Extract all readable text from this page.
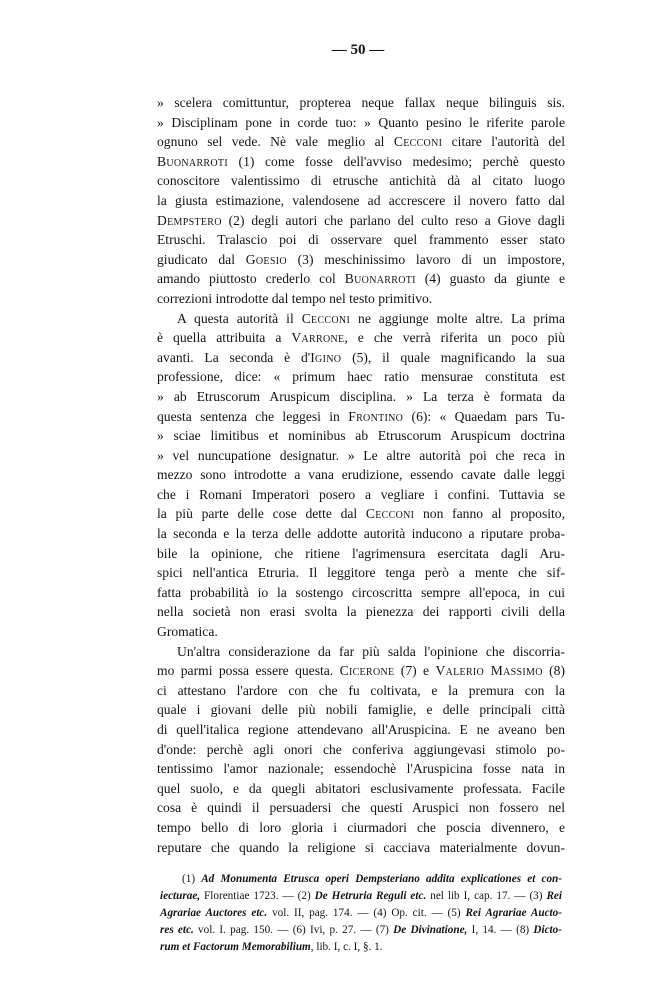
— 50 —
» scelera comittuntur, propterea neque fallax neque bilinguis sis.
» Disciplinam pone in corde tuo: » Quanto pesino le riferite parole
ognuno sel vede. Nè vale meglio al Cecconi citare l'autorità del
Buonarroti (1) come fosse dell'avviso medesimo; perchè questo
conoscitore valentissimo di etrusche antichità dà al citato luogo
la giusta estimazione, valendosene ad accrescere il novero fatto dal
Dempstero (2) degli autori che parlano del culto reso a Giove dagli
Etruschi. Tralascio poi di osservare quel frammento esser stato
giudicato dal Goesio (3) meschinissimo lavoro di un impostore,
amando piuttosto crederlo col Buonarroti (4) guasto da giunte e
correzioni introdotte dal tempo nel testo primitivo.
A questa autorità il Cecconi ne aggiunge molte altre. La prima
è quella attribuita a Varrone, e che verrà riferita un poco più
avanti. La seconda è d'Igino (5), il quale magnificando la sua
professione, dice: « primum haec ratio mensurae constituta est
» ab Etruscorum Aruspicum disciplina. » La terza è formata da
questa sentenza che leggesi in Frontino (6): « Quaedam pars Tu-
» sciae limitibus et nominibus ab Etruscorum Aruspicum doctrina
» vel nuncupatione designatur. » Le altre autorità poi che reca in
mezzo sono introdotte a vana erudizione, essendo cavate dalle leggi
che i Romani Imperatori posero a vegliare i confini. Tuttavia se
la più parte delle cose dette dal Cecconi non fanno al proposito,
la seconda e la terza delle addotte autorità inducono a riputare proba-
bile la opinione, che ritiene l'agrimensura esercitata dagli Aru-
spici nell'antica Etruria. Il leggitore tenga però a mente che sif-
fatta probabilità io la sostengo circoscritta sempre all'epoca, in cui
nella società non erasi svolta la pienezza dei rapporti civili della
Gromatica.
Un'altra considerazione da far più salda l'opinione che discorria-
mo parmi possa essere questa. Cicerone (7) e Valerio Massimo (8)
ci attestano l'ardore con che fu coltivata, e la premura con la
quale i giovani delle più nobili famiglie, e delle principali città
di quell'italica regione attendevano all'Aruspicina. E ne aveano ben
d'onde: perchè agli onori che conferiva aggiungevasi stimolo po-
tentissimo l'amor nazionale; essendochè l'Aruspicina fosse nata in
quel suolo, e da quegli abitatori esclusivamente professata. Facile
cosa è quindi il persuadersi che questi Aruspici non fossero nel
tempo bello di loro gloria i ciurmadori che poscia divennero, e
reputare che quando la religione si cacciava materialmente dovun-
(1) Ad Monumenta Etrusca operi Dempsteriano addita explicationes et con-
iecturae, Florentiae 1723. — (2) De Hetruria Reguli etc. nel lib I, cap. 17. — (3) Rei
Agrariae Auctores etc. vol. II, pag. 174. — (4) Op. cit. — (5) Rei Agrariae Aucto-
res etc. vol. I. pag. 150. — (6) Ivi, p. 27. — (7) De Divinatione, I, 14. — (8) Dicto-
rum et Factorum Memorabilium, lib. I, c. I, §. 1.
